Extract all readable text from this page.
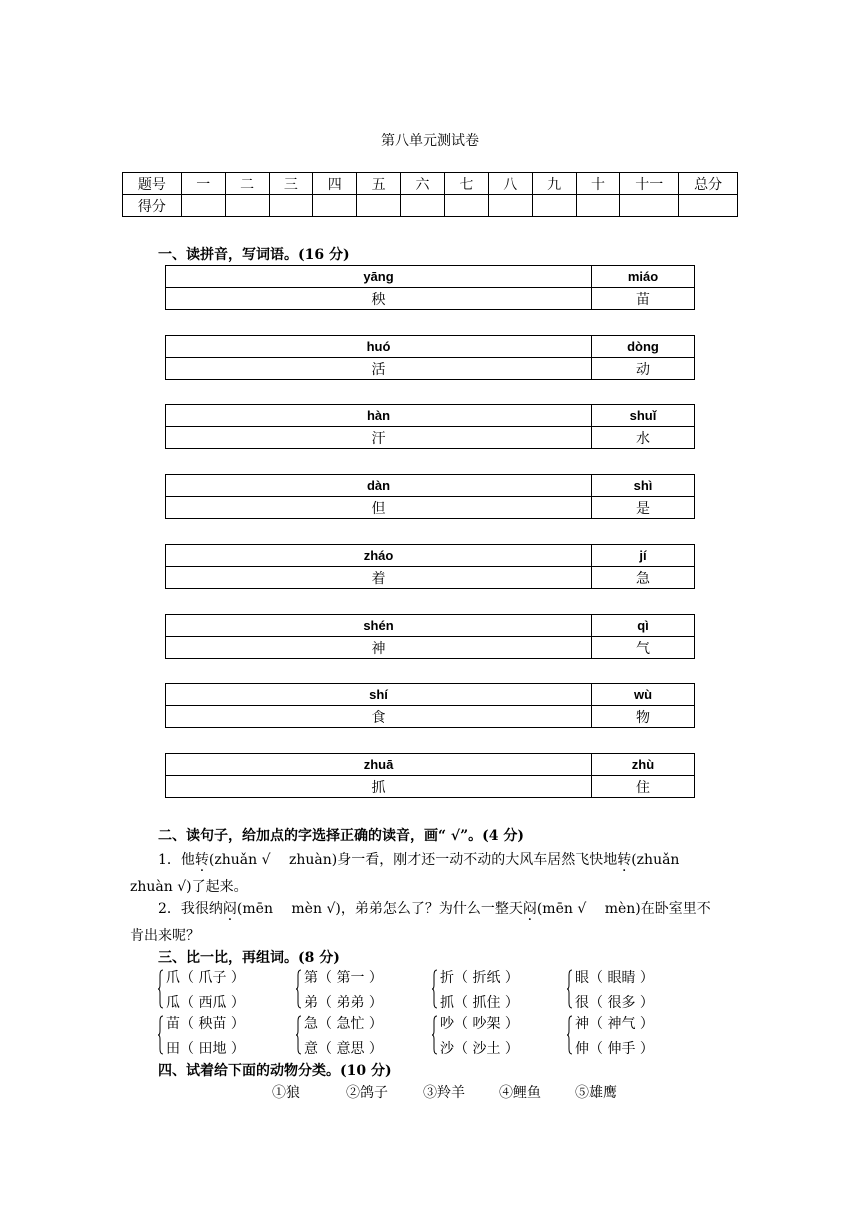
第八单元测试卷
题号	一	二	三	四	五	六	七	八	九	十	十一	总分
得分												
一、读拼音，写词语。(16 分)
yāng	miáo
秧	苗
huó	dòng
活	动
hàn	shuǐ
汗	水
dàn	shì
但	是
zháo	jí
着	急
shén	qì
神	气
shí	wù
食	物
zhuā	zhù
抓	住
二、读句子，给加点的字选择正确的读音，画“ √”。(4 分)
1．他转(zhuǎn √　 zhuàn)身一看，刚才还一动不动的大风车居然飞快地转(zhuǎn
zhuàn √)了起来。
2．我很纳闷(mēn　 mèn √)，弟弟怎么了？为什么一整天闷(mēn √　 mèn)在卧室里不
肯出来呢？
三、比一比，再组词。(8 分)
爪（ 爪子 ）
瓜（ 西瓜 ）
第（ 第一 ）
弟（ 弟弟 ）
折（ 折纸 ）
抓（ 抓住 ）
眼（ 眼睛 ）
很（ 很多 ）
苗（ 秧苗 ）
田（ 田地 ）
急（ 急忙 ）
意（ 意思 ）
吵（ 吵架 ）
沙（ 沙土 ）
神（ 神气 ）
伸（ 伸手 ）
四、试着给下面的动物分类。(10 分)
①狼	②鸽子	③羚羊 ④鲤鱼 ⑤雄鹰
